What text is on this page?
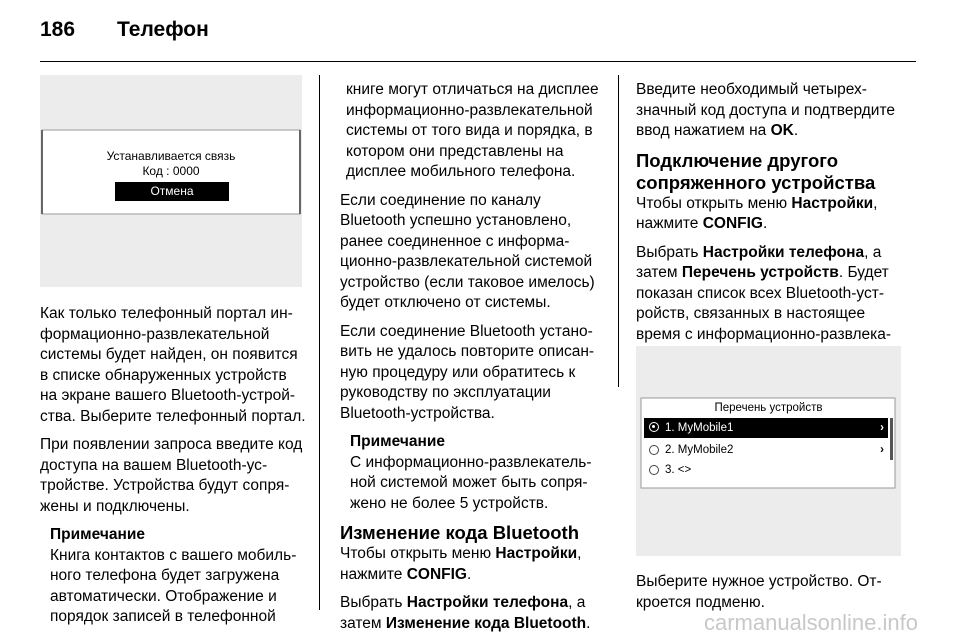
186 Телефон
Устанавливается связь
Код : 0000
Отмена

Как только телефонный портал информационно-развлекательной системы будет найден, он появится в списке обнаруженных устройств на экране вашего Bluetooth-устройства. Выберите телефонный портал.

При появлении запроса введите код доступа на вашем Bluetooth-устройстве. Устройства будут сопряжены и подключены.

Примечание
Книга контактов с вашего мобильного телефона будет загружена автоматически. Отображение и порядок записей в телефонной
книге могут отличаться на дисплее информационно-развлекательной системы от того вида и порядка, в котором они представлены на дисплее мобильного телефона.

Если соединение по каналу Bluetooth успешно установлено, ранее соединенное с информационно-развлекательной системой устройство (если таковое имелось) будет отключено от системы.

Если соединение Bluetooth установить не удалось повторите описанную процедуру или обратитесь к руководству по эксплуатации Bluetooth-устройства.

Примечание
С информационно-развлекательной системой может быть сопряжено не более 5 устройств.
Изменение кода Bluetooth

Чтобы открыть меню Настройки, нажмите CONFIG.

Выбрать Настройки телефона, а затем Изменение кода Bluetooth.

Введите необходимый четырехзначный код доступа и подтвердите ввод нажатием на OK.

Подключение другого сопряженного устройства

Чтобы открыть меню Настройки, нажмите CONFIG.

Выбрать Настройки телефона, а затем Перечень устройств. Будет показан список всех Bluetooth-устройств, связанных в настоящее время с информационно-развлека

Перечень устройств
1. MyMobile1	›
2. MyMobile2	›
3. <>

Выберите нужное устройство. Откроется подменю.

carmanualsonline.info
